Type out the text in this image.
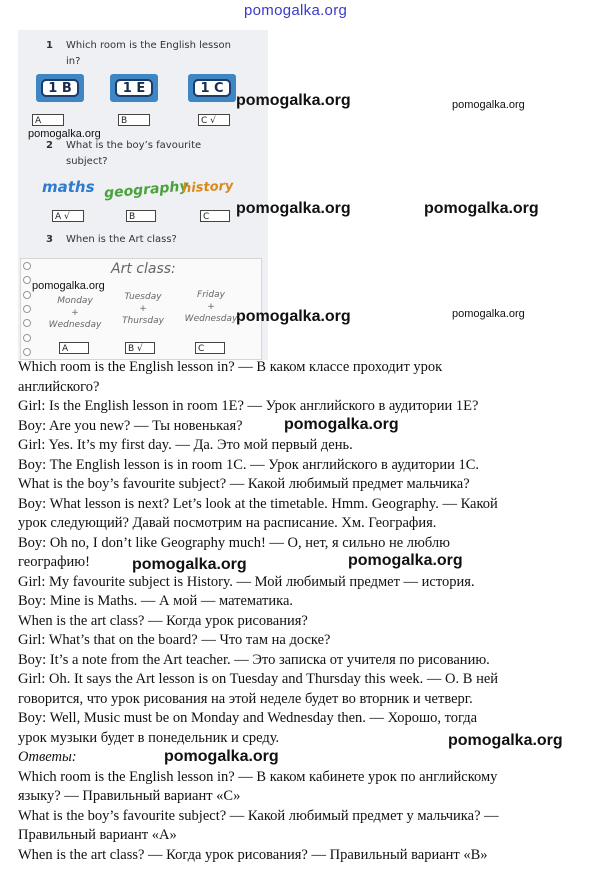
pomogalka.org
1 Which room is the English lesson
in?
1 B	1 E	1 C
A	B	C √
2 What is the boy’s favourite
subject?
maths geography
history
A √	B	C
3 When is the Art class?
Art class:
Monday
+
Wednesday
Tuesday
+
Thursday
Friday
+
Wednesday
A	B √	C
pomogalka.org	pomogalka.org
pomogalka.org
pomogalka.org	pomogalka.org
pomogalka.org
pomogalka.org	pomogalka.org
Which room is the English lesson in? — В каком классе проходит урок
английского?
Girl: Is the English lesson in room 1E? — Урок английского в аудитории 1E?
Boy: Are you new? — Ты новенькая?
Girl: Yes. It’s my first day. — Да. Это мой первый день.
Boy: The English lesson is in room 1C. — Урок английского в аудитории 1C.
What is the boy’s favourite subject? — Какой любимый предмет мальчика?
Boy: What lesson is next? Let’s look at the timetable. Hmm. Geography. — Какой
урок следующий? Давай посмотрим на расписание. Хм. География.
Boy: Oh no, I don’t like Geography much! — О, нет, я сильно не люблю
географию!
Girl: My favourite subject is History. — Мой любимый предмет — история.
Boy: Mine is Maths. — А мой — математика.
When is the art class? — Когда урок рисования?
Girl: What’s that on the board? — Что там на доске?
Boy: It’s a note from the Art teacher. — Это записка от учителя по рисованию.
Girl: Oh. It says the Art lesson is on Tuesday and Thursday this week. — О. В ней
говорится, что урок рисования на этой неделе будет во вторник и четверг.
Boy: Well, Music must be on Monday and Wednesday then. — Хорошо, тогда
урок музыки будет в понедельник и среду.
Ответы:
Which room is the English lesson in? — В каком кабинете урок по английскому
языку? — Правильный вариант «C»
What is the boy’s favourite subject? — Какой любимый предмет у мальчика? —
Правильный вариант «A»
When is the art class? — Когда урок рисования? — Правильный вариант «B»
pomogalka.org
pomogalka.org	pomogalka.org
pomogalka.org
pomogalka.org
